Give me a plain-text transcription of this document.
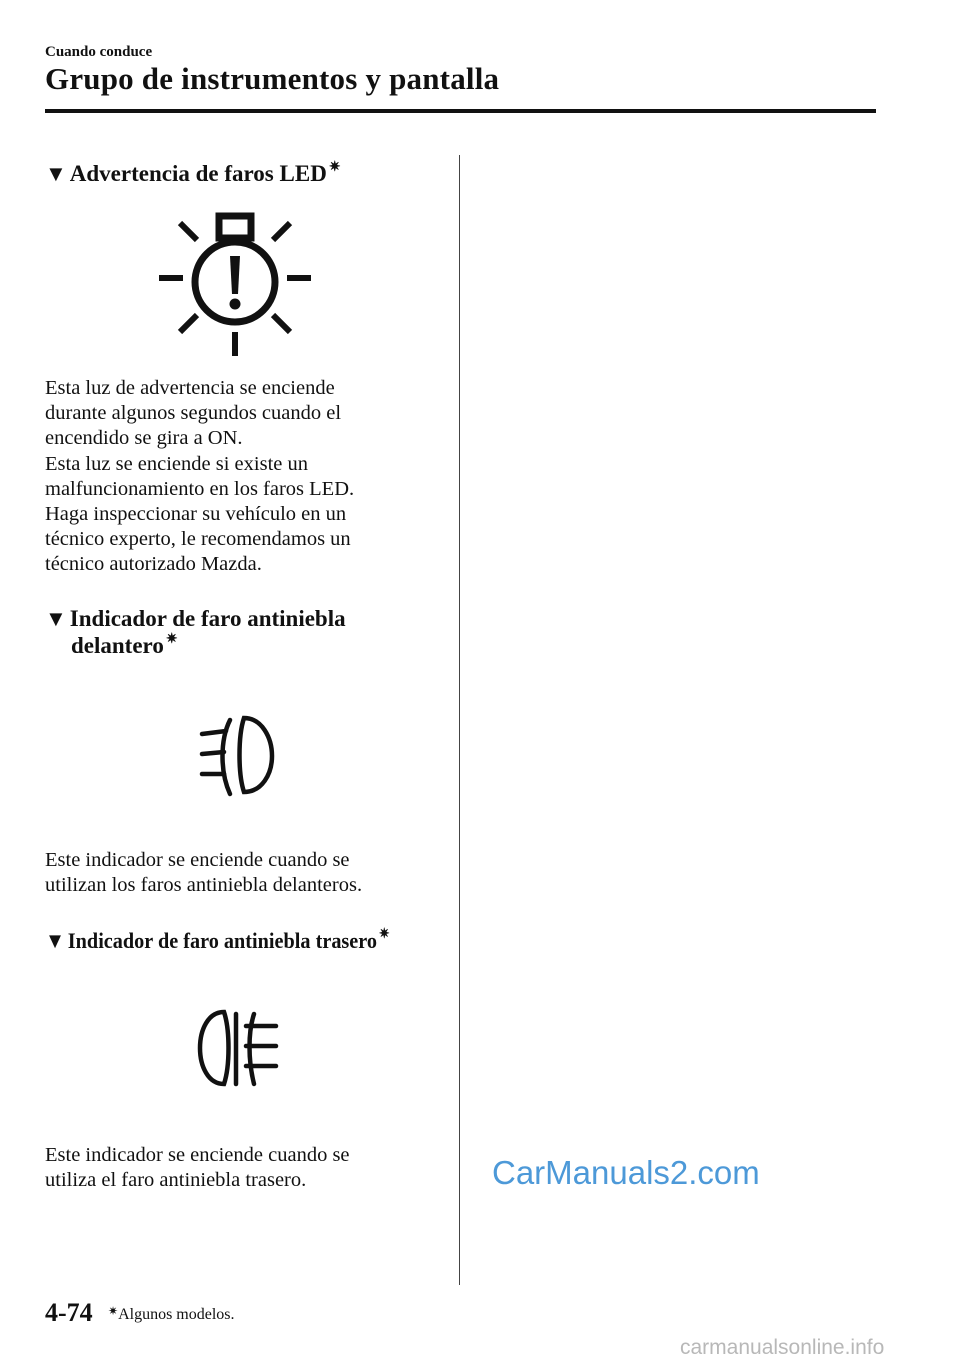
Cuando conduce
Grupo de instrumentos y pantalla
▼ Advertencia de faros LED ✷
Esta luz de advertencia se enciende
durante algunos segundos cuando el
encendido se gira a ON.
Esta luz se enciende si existe un
malfuncionamiento en los faros LED.
Haga inspeccionar su vehículo en un
técnico experto, le recomendamos un
técnico autorizado Mazda.
▼ Indicador de faro antiniebla
delantero ✷
Este indicador se enciende cuando se
utilizan los faros antiniebla delanteros.
▼ Indicador de faro antiniebla trasero ✷
Este indicador se enciende cuando se
utiliza el faro antiniebla trasero.	CarManuals2.com
carmanualsonline.info
4-74 ✷Algunos modelos.
